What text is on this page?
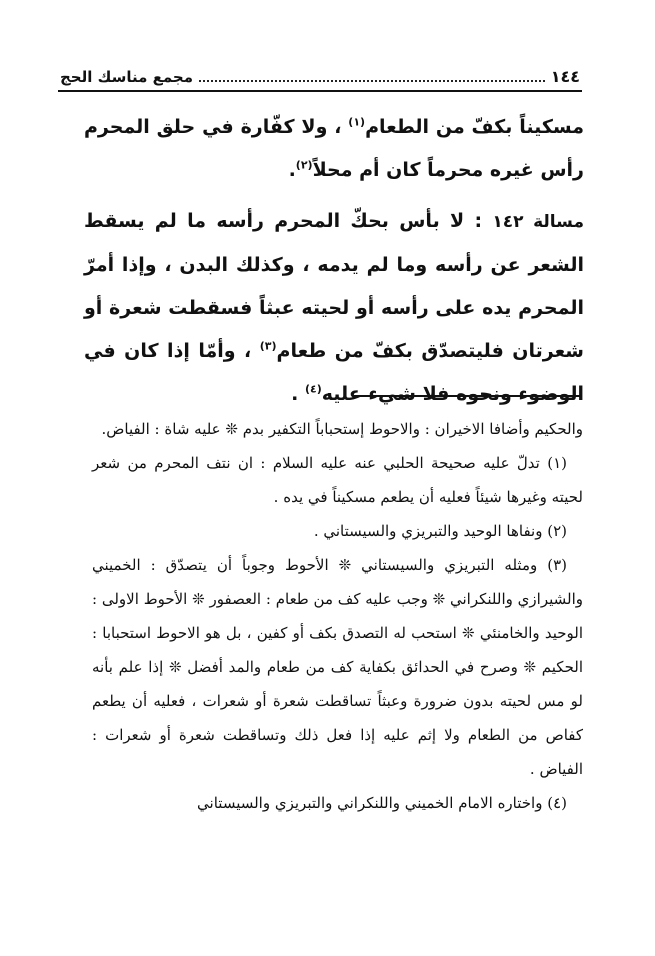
١٤٤
مجمع مناسك الحج

مسكيناً بكفّ من الطعام$^{(١)}$ ، ولا كفّارة في حلق المحرم رأس غيره محرماً كان أم محلاً$^{(٢)}$.

مسالة ١٤٢ : لا بأس بحكّ المحرم رأسه ما لم يسقط الشعر عن رأسه وما لم يدمه ، وكذلك البدن ، وإذا أمرّ المحرم يده على رأسه أو لحيته عبثاً فسقطت شعرة أو شعرتان فليتصدّق بكفّ من طعام$^{(٣)}$ ، وأمّا إذا كان في الوضوء ونحوه فلا شيء عليه$^{(٤)}$ .

والحكيم وأضافا الاخيران : والاحوط إستحباباً التكفير بدم ❊ عليه شاة : الفياض.

(١) تدلّ عليه صحيحة الحلبي عنه عليه السلام : ان نتف المحرم من شعر لحيته وغيرها شيئاً فعليه أن يطعم مسكيناً في يده .

(٢) ونفاها الوحيد والتبريزي والسيستاني .

(٣) ومثله التبريزي والسيستاني ❊ الأحوط وجوباً أن يتصدّق : الخميني والشيرازي واللنكراني ❊ وجب عليه كف من طعام : العصفور ❊ الأحوط الاولى : الوحيد والخامنئي ❊ استحب له التصدق بكف أو كفين ، بل هو الاحوط استحبابا : الحكيم ❊ وصرح في الحدائق بكفاية كف من طعام والمد أفضل ❊ إذا علم بأنه لو مس لحيته بدون ضرورة وعبثاً تساقطت شعرة أو شعرات ، فعليه أن يطعم كفاص من الطعام ولا إثم عليه إذا فعل ذلك وتساقطت شعرة أو شعرات : الفياض .

(٤) واختاره الامام الخميني واللنكراني والتبريزي والسيستاني
